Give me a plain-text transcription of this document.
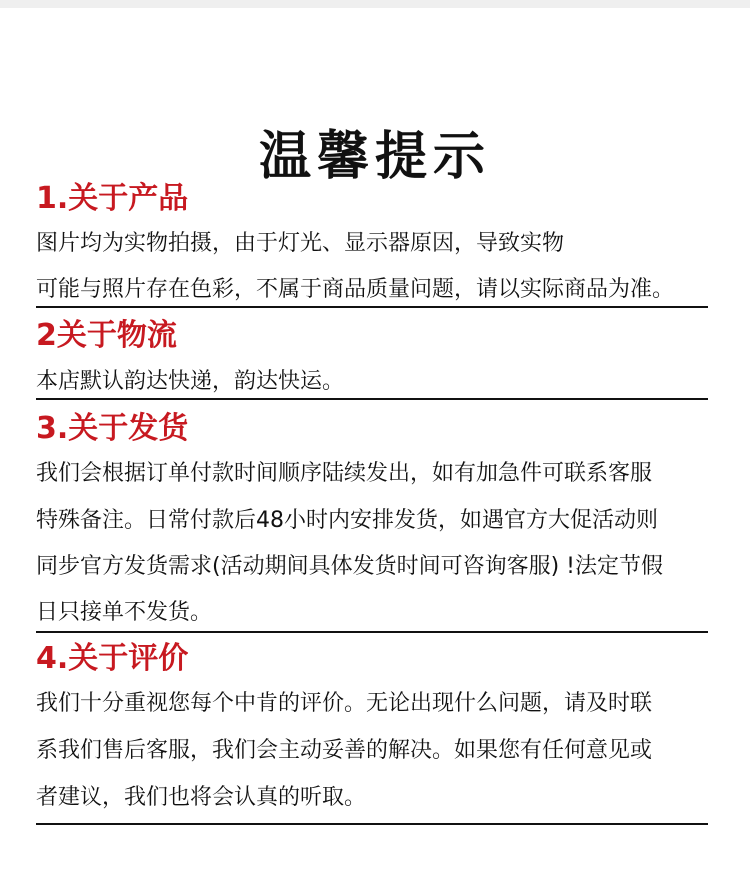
温馨提示
1.关于产品
图片均为实物拍摄，由于灯光、显示器原因，导致实物
可能与照片存在色彩，不属于商品质量问题，请以实际商品为准。
2关于物流
本店默认韵达快递，韵达快运。
3.关于发货
我们会根据订单付款时间顺序陆续发出，如有加急件可联系客服
特殊备注。日常付款后48小时内安排发货，如遇官方大促活动则
同步官方发货需求(活动期间具体发货时间可咨询客服) !法定节假
日只接单不发货。
4.关于评价
我们十分重视您每个中肯的评价。无论出现什么问题，请及时联
系我们售后客服，我们会主动妥善的解决。如果您有任何意见或
者建议，我们也将会认真的听取。
